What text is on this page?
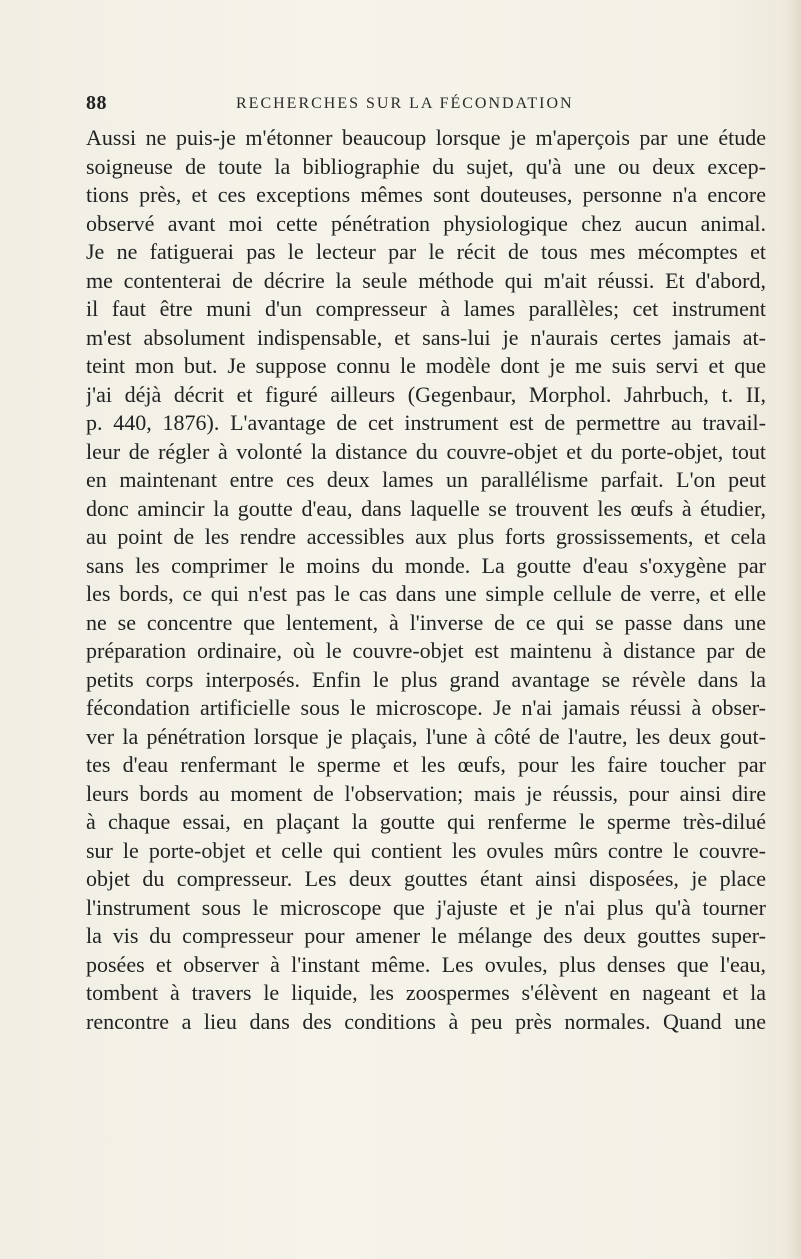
88	RECHERCHES SUR LA FÉCONDATION
Aussi ne puis-je m'étonner beaucoup lorsque je m'aperçois par une étude
soigneuse de toute la bibliographie du sujet, qu'à une ou deux excep-
tions près, et ces exceptions mêmes sont douteuses, personne n'a encore
observé avant moi cette pénétration physiologique chez aucun animal.
Je ne fatiguerai pas le lecteur par le récit de tous mes mécomptes et
me contenterai de décrire la seule méthode qui m'ait réussi. Et d'abord,
il faut être muni d'un compresseur à lames parallèles; cet instrument
m'est absolument indispensable, et sans-lui je n'aurais certes jamais at-
teint mon but. Je suppose connu le modèle dont je me suis servi et que
j'ai déjà décrit et figuré ailleurs (Gegenbaur, Morphol. Jahrbuch, t. II,
p. 440, 1876). L'avantage de cet instrument est de permettre au travail-
leur de régler à volonté la distance du couvre-objet et du porte-objet, tout
en maintenant entre ces deux lames un parallélisme parfait. L'on peut
donc amincir la goutte d'eau, dans laquelle se trouvent les œufs à étudier,
au point de les rendre accessibles aux plus forts grossissements, et cela
sans les comprimer le moins du monde. La goutte d'eau s'oxygène par
les bords, ce qui n'est pas le cas dans une simple cellule de verre, et elle
ne se concentre que lentement, à l'inverse de ce qui se passe dans une
préparation ordinaire, où le couvre-objet est maintenu à distance par de
petits corps interposés. Enfin le plus grand avantage se révèle dans la
fécondation artificielle sous le microscope. Je n'ai jamais réussi à obser-
ver la pénétration lorsque je plaçais, l'une à côté de l'autre, les deux gout-
tes d'eau renfermant le sperme et les œufs, pour les faire toucher par
leurs bords au moment de l'observation; mais je réussis, pour ainsi dire
à chaque essai, en plaçant la goutte qui renferme le sperme très-dilué
sur le porte-objet et celle qui contient les ovules mûrs contre le couvre-
objet du compresseur. Les deux gouttes étant ainsi disposées, je place
l'instrument sous le microscope que j'ajuste et je n'ai plus qu'à tourner
la vis du compresseur pour amener le mélange des deux gouttes super-
posées et observer à l'instant même. Les ovules, plus denses que l'eau,
tombent à travers le liquide, les zoospermes s'élèvent en nageant et la
rencontre a lieu dans des conditions à peu près normales. Quand une
